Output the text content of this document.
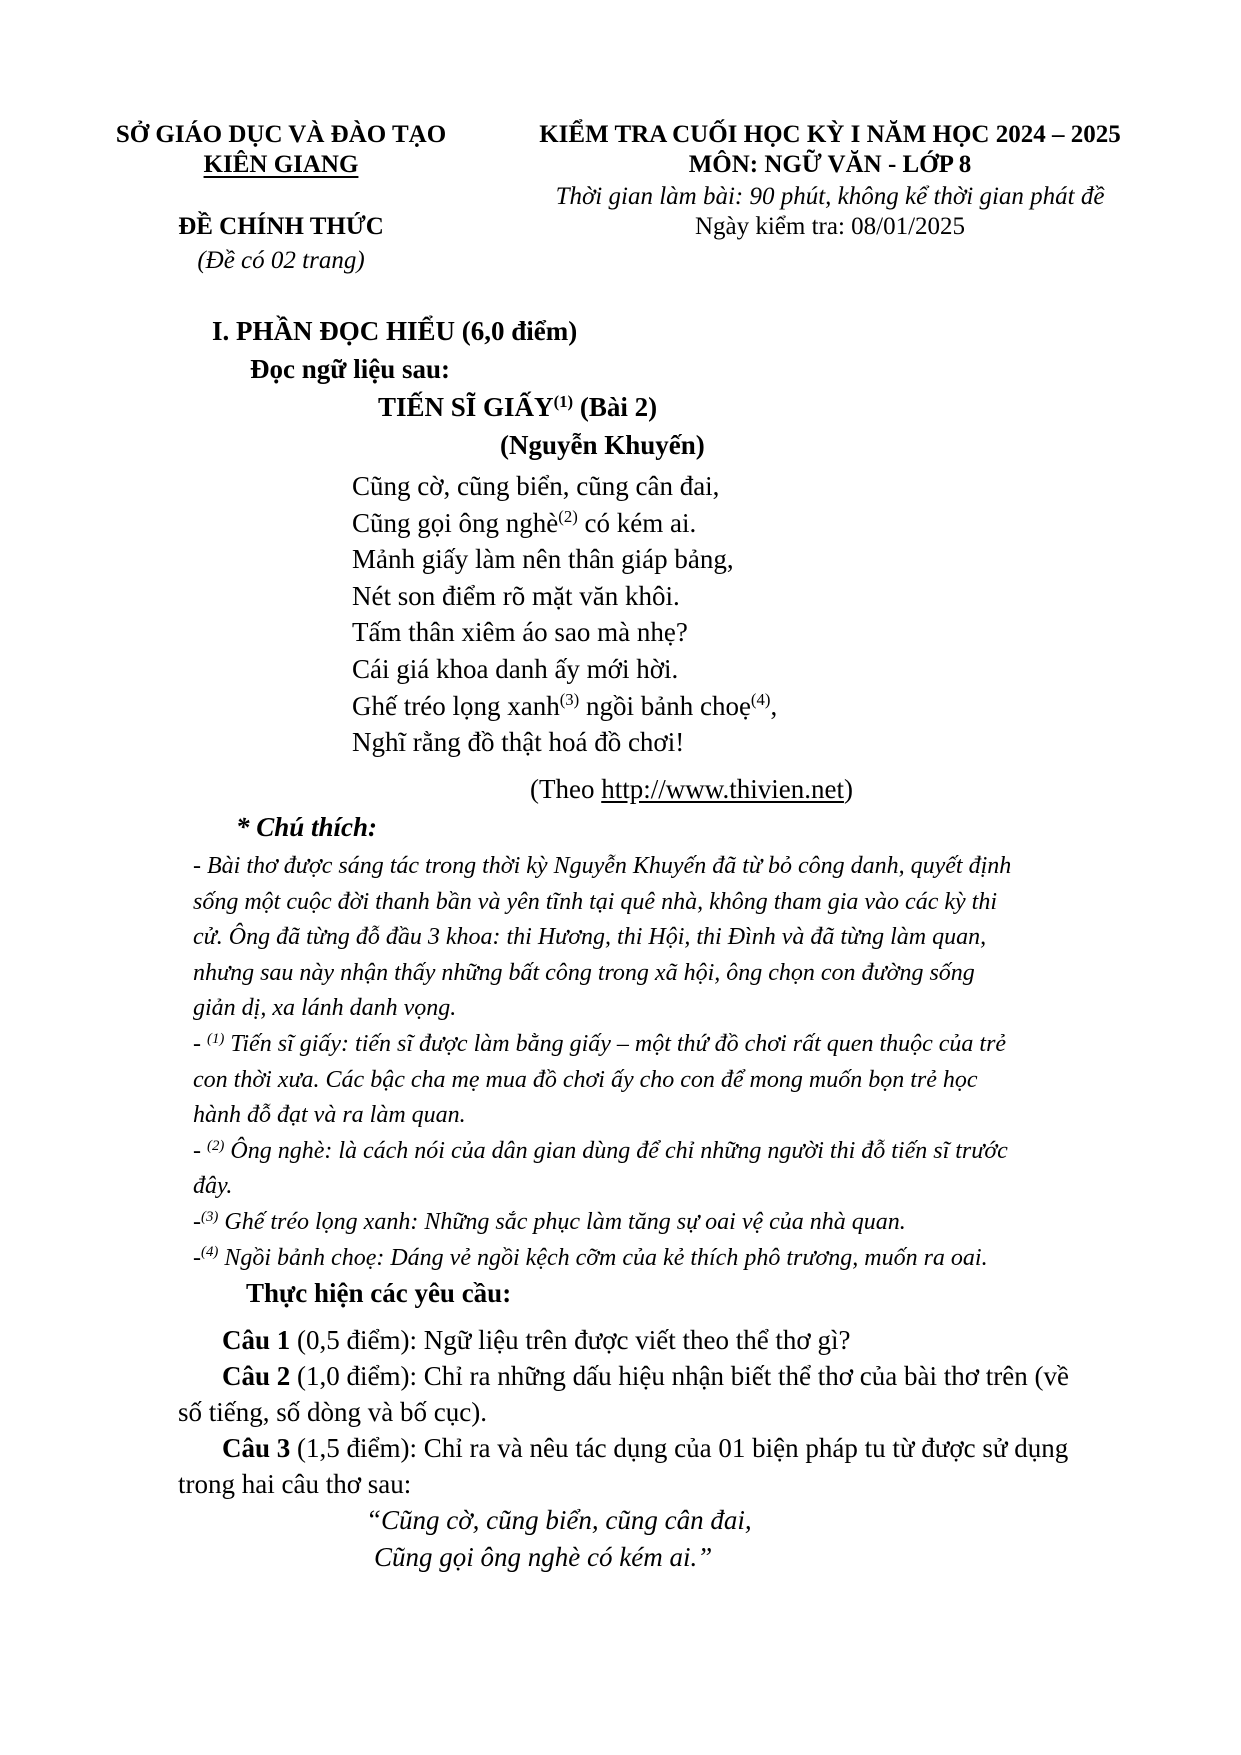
SỞ GIÁO DỤC VÀ ĐÀO TẠO
KIÊN GIANG
ĐỀ CHÍNH THỨC
(Đề có 02 trang)
KIỂM TRA CUỐI HỌC KỲ I NĂM HỌC 2024 – 2025
MÔN: NGỮ VĂN - LỚP 8
Thời gian làm bài: 90 phút, không kể thời gian phát đề
Ngày kiểm tra: 08/01/2025
I. PHẦN ĐỌC HIỂU (6,0 điểm)
Đọc ngữ liệu sau:
TIẾN SĨ GIẤY$^{(1)}$ (Bài 2)
(Nguyễn Khuyến)
Cũng cờ, cũng biển, cũng cân đai,
Cũng gọi ông nghè$^{(2)}$ có kém ai.
Mảnh giấy làm nên thân giáp bảng,
Nét son điểm rõ mặt văn khôi.
Tấm thân xiêm áo sao mà nhẹ?
Cái giá khoa danh ấy mới hời.
Ghế tréo lọng xanh$^{(3)}$ ngồi bảnh choẹ$^{(4)}$,
Nghĩ rằng đồ thật hoá đồ chơi!
(Theo http://www.thivien.net)
* Chú thích:
- Bài thơ được sáng tác trong thời kỳ Nguyễn Khuyến đã từ bỏ công danh, quyết định
sống một cuộc đời thanh bần và yên tĩnh tại quê nhà, không tham gia vào các kỳ thi
cử. Ông đã từng đỗ đầu 3 khoa: thi Hương, thi Hội, thi Đình và đã từng làm quan,
nhưng sau này nhận thấy những bất công trong xã hội, ông chọn con đường sống
giản dị, xa lánh danh vọng.
- $^{(1)}$ Tiến sĩ giấy: tiến sĩ được làm bằng giấy – một thứ đồ chơi rất quen thuộc của trẻ
con thời xưa. Các bậc cha mẹ mua đồ chơi ấy cho con để mong muốn bọn trẻ học
hành đỗ đạt và ra làm quan.
- $^{(2)}$ Ông nghè: là cách nói của dân gian dùng để chỉ những người thi đỗ tiến sĩ trước
đây.
-$^{(3)}$ Ghế tréo lọng xanh: Những sắc phục làm tăng sự oai vệ của nhà quan.
-$^{(4)}$ Ngồi bảnh choẹ: Dáng vẻ ngồi kệch cỡm của kẻ thích phô trương, muốn ra oai.
Thực hiện các yêu cầu:
Câu 1 (0,5 điểm): Ngữ liệu trên được viết theo thể thơ gì?
Câu 2 (1,0 điểm): Chỉ ra những dấu hiệu nhận biết thể thơ của bài thơ trên (về
số tiếng, số dòng và bố cục).
Câu 3 (1,5 điểm): Chỉ ra và nêu tác dụng của 01 biện pháp tu từ được sử dụng
trong hai câu thơ sau:
“Cũng cờ, cũng biển, cũng cân đai,
Cũng gọi ông nghè có kém ai.”
